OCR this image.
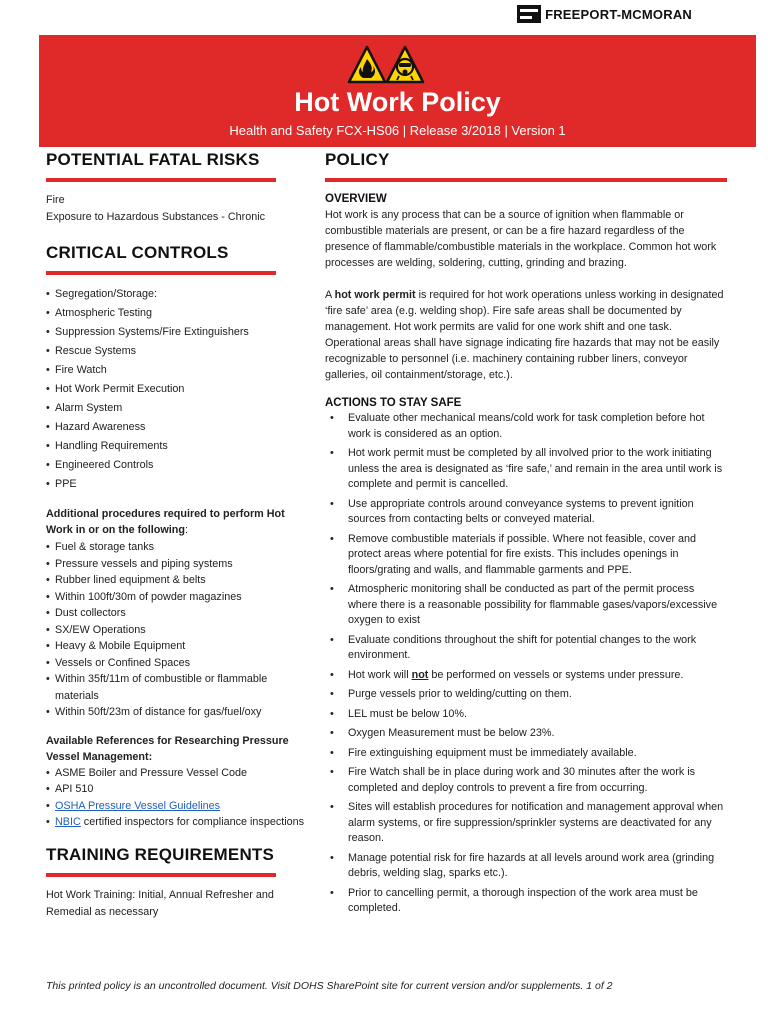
FREEPORT-MCMORAN
Hot Work Policy
Health and Safety FCX-HS06 | Release 3/2018 | Version 1
POTENTIAL FATAL RISKS
Fire
Exposure to Hazardous Substances - Chronic
CRITICAL CONTROLS
• Segregation/Storage:
• Atmospheric Testing
• Suppression Systems/Fire Extinguishers
• Rescue Systems
• Fire Watch
• Hot Work Permit Execution
• Alarm System
• Hazard Awareness
• Handling Requirements
• Engineered Controls
• PPE
Additional procedures required to perform Hot
Work in or on the following:
• Fuel & storage tanks
• Pressure vessels and piping systems
• Rubber lined equipment & belts
• Within 100ft/30m of powder magazines
• Dust collectors
• SX/EW Operations
• Heavy & Mobile Equipment
• Vessels or Confined Spaces
• Within 35ft/11m of combustible or flammable materials
• Within 50ft/23m of distance for gas/fuel/oxy
Available References for Researching Pressure
Vessel Management:
• ASME Boiler and Pressure Vessel Code
• API 510
• OSHA Pressure Vessel Guidelines
• NBIC certified inspectors for compliance inspections
TRAINING REQUIREMENTS
Hot Work Training: Initial, Annual Refresher and Remedial as necessary
POLICY
OVERVIEW
Hot work is any process that can be a source of ignition when flammable or combustible materials are present, or can be a fire hazard regardless of the presence of flammable/combustible materials in the workplace. Common hot work processes are welding, soldering, cutting, grinding and brazing.
A hot work permit is required for hot work operations unless working in designated ‘fire safe’ area (e.g. welding shop). Fire safe areas shall be documented by management. Hot work permits are valid for one work shift and one task. Operational areas shall have signage indicating fire hazards that may not be easily recognizable to personnel (i.e. machinery containing rubber liners, conveyor galleries, oil containment/storage, etc.).
ACTIONS TO STAY SAFE
• Evaluate other mechanical means/cold work for task completion before hot work is considered as an option.
• Hot work permit must be completed by all involved prior to the work initiating unless the area is designated as ‘fire safe,’ and remain in the area until work is complete and permit is cancelled.
• Use appropriate controls around conveyance systems to prevent ignition sources from contacting belts or conveyed material.
• Remove combustible materials if possible. Where not feasible, cover and protect areas where potential for fire exists. This includes openings in floors/grating and walls, and flammable garments and PPE.
• Atmospheric monitoring shall be conducted as part of the permit process where there is a reasonable possibility for flammable gases/vapors/excessive oxygen to exist
• Evaluate conditions throughout the shift for potential changes to the work environment.
• Hot work will not be performed on vessels or systems under pressure.
• Purge vessels prior to welding/cutting on them.
• LEL must be below 10%.
• Oxygen Measurement must be below 23%.
• Fire extinguishing equipment must be immediately available.
• Fire Watch shall be in place during work and 30 minutes after the work is completed and deploy controls to prevent a fire from occurring.
• Sites will establish procedures for notification and management approval when alarm systems, or fire suppression/sprinkler systems are deactivated for any reason.
• Manage potential risk for fire hazards at all levels around work area (grinding debris, welding slag, sparks etc.).
• Prior to cancelling permit, a thorough inspection of the work area must be completed.
This printed policy is an uncontrolled document. Visit DOHS SharePoint site for current version and/or supplements. 1 of 2
